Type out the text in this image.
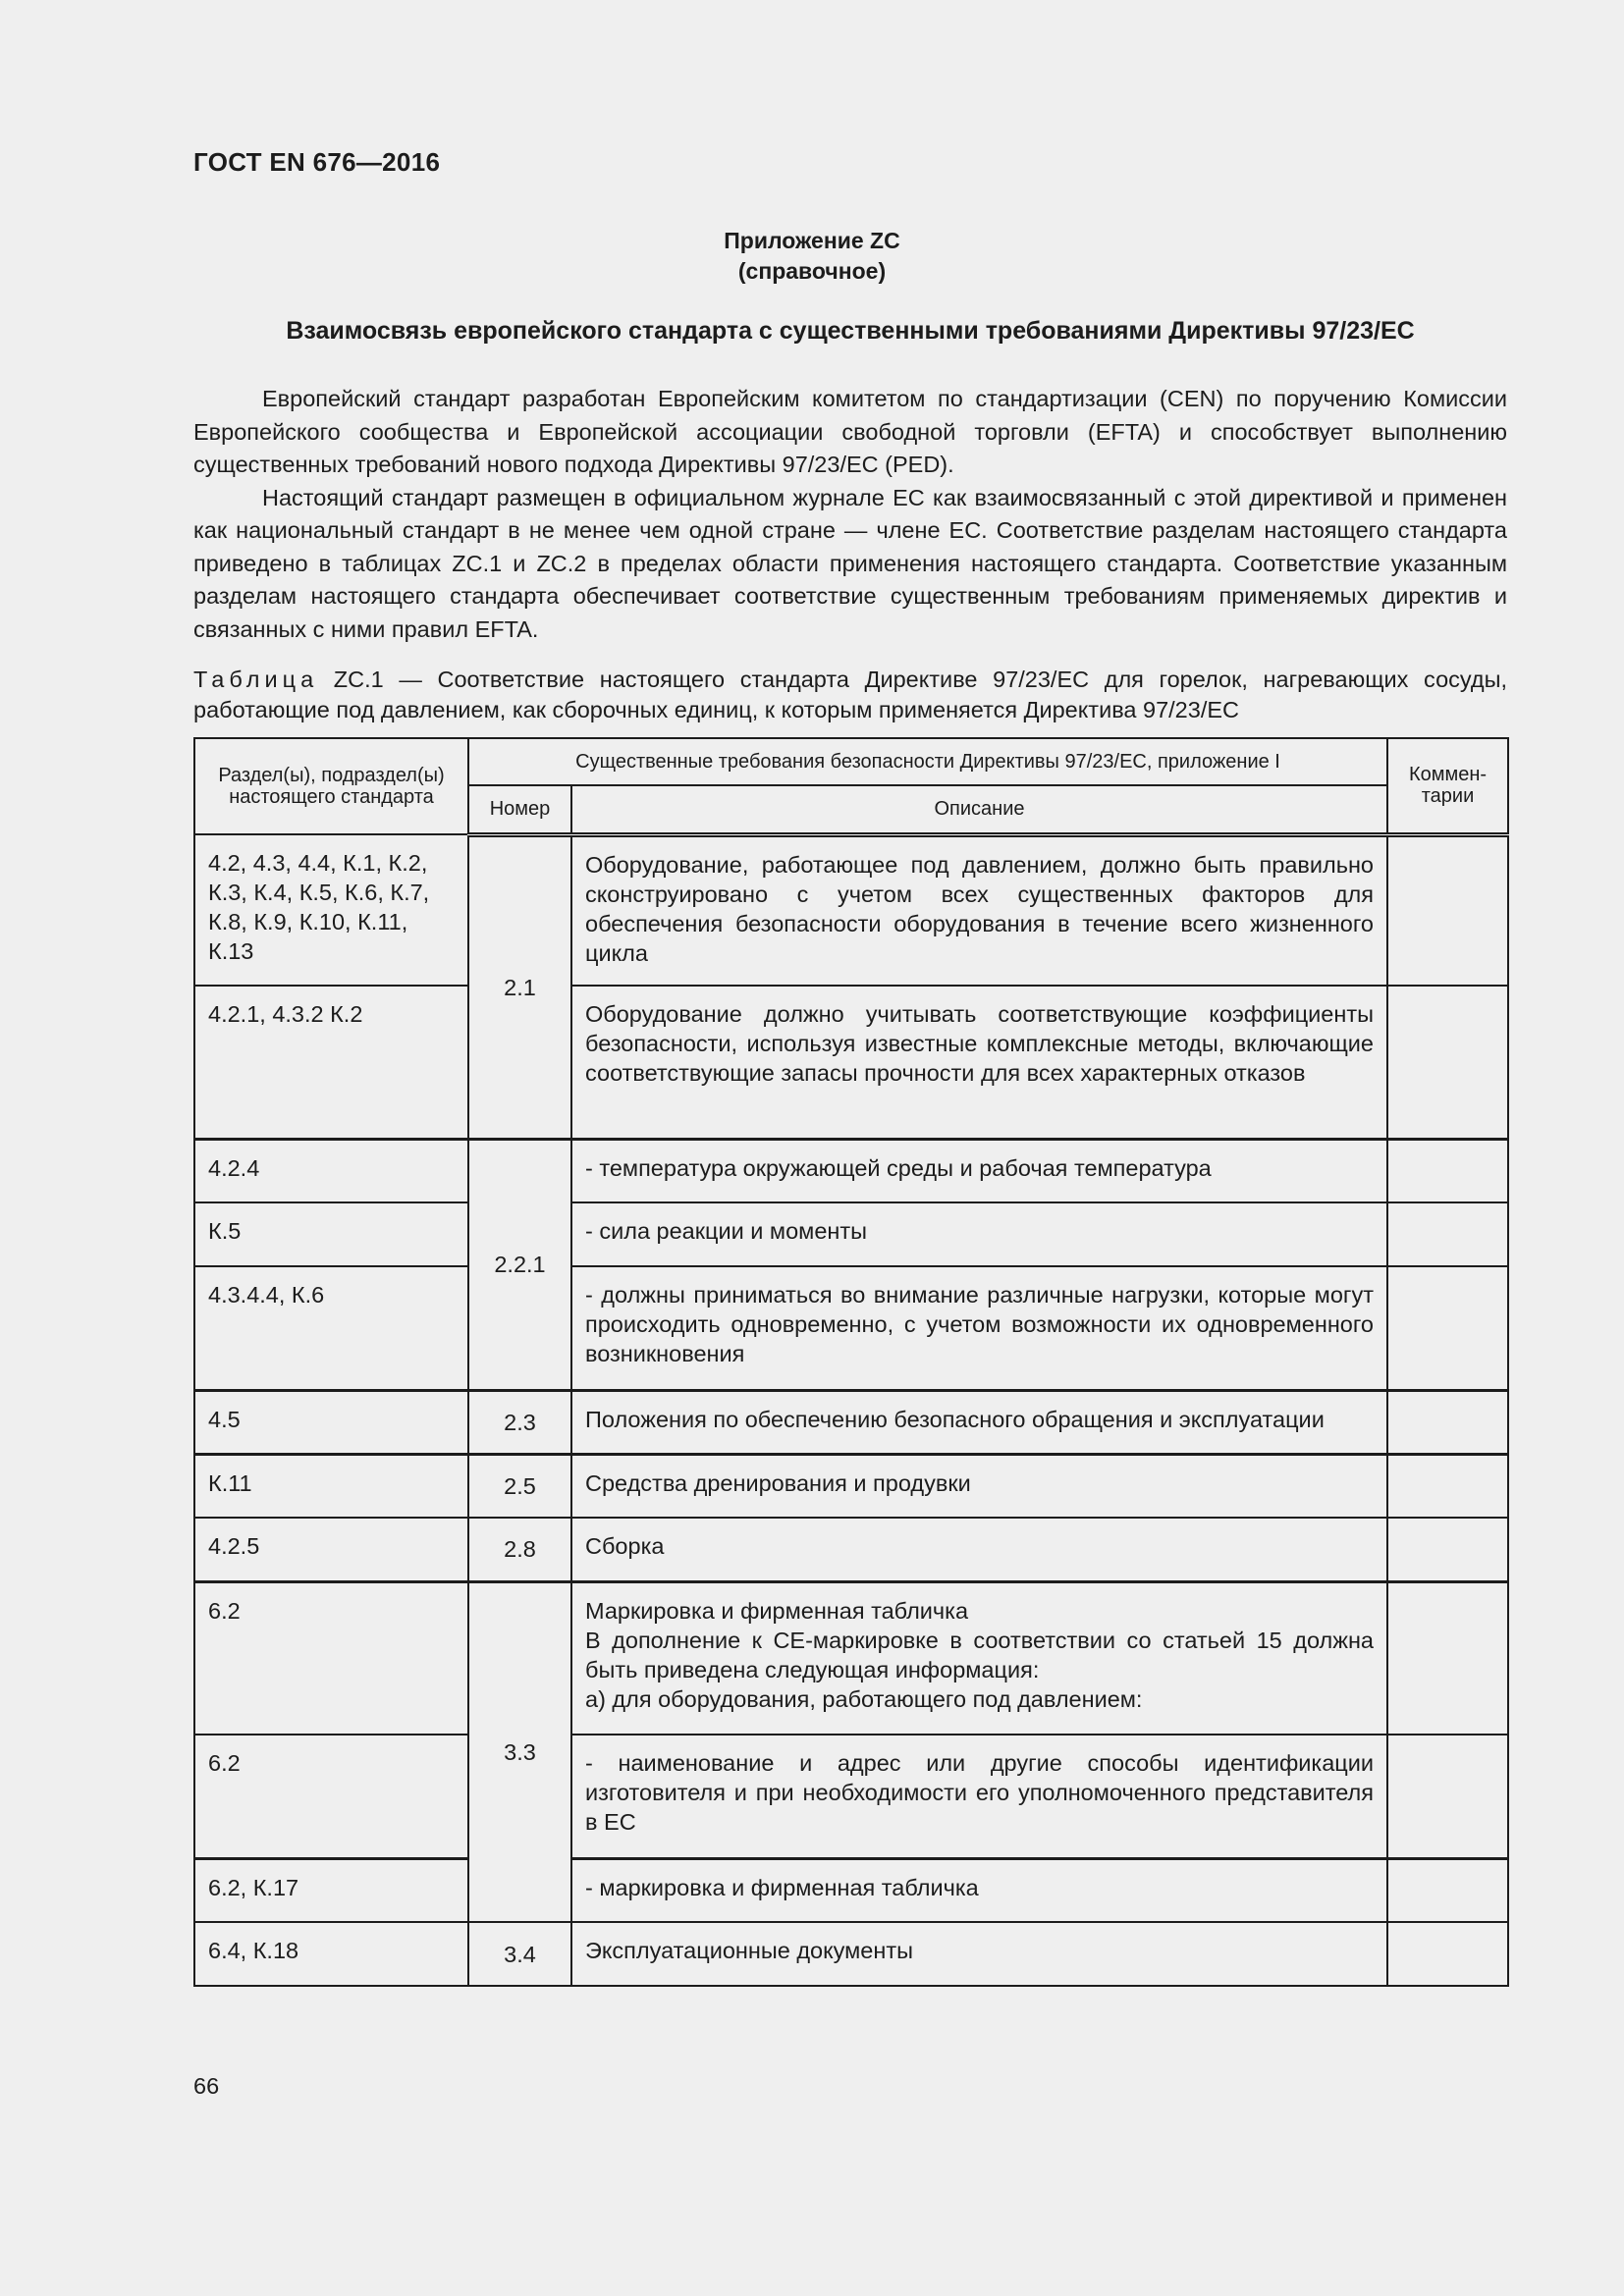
ГОСТ EN 676—2016
Приложение ZC
(справочное)
Взаимосвязь европейского стандарта с существенными требованиями Директивы 97/23/ЕС

Европейский стандарт разработан Европейским комитетом по стандартизации (CEN) по поручению Комиссии Европейского сообщества и Европейской ассоциации свободной торговли (EFTA) и способствует выполнению существенных требований нового подхода Директивы 97/23/ЕС (PED).

Настоящий стандарт размещен в официальном журнале ЕС как взаимосвязанный с этой директивой и применен как национальный стандарт в не менее чем одной стране — члене ЕС. Соответствие разделам настоящего стандарта приведено в таблицах ZC.1 и ZC.2 в пределах области применения настоящего стандарта. Соответствие указанным разделам настоящего стандарта обеспечивает соответствие существенным требованиям применяемых директив и связанных с ними правил EFTA.

Таблица ZC.1 — Соответствие настоящего стандарта Директиве 97/23/ЕС для горелок, нагревающих сосуды, работающие под давлением, как сборочных единиц, к которым применяется Директива 97/23/ЕС
Раздел(ы), подраздел(ы) настоящего стандарта	Существенные требования безопасности Директивы 97/23/ЕС, приложение I		Коммен-тарии
	Номер	Описание	
4.2, 4.3, 4.4, К.1, К.2, К.3, К.4, К.5, К.6, К.7, К.8, К.9, К.10, К.11, К.13	2.1	Оборудование, работающее под давлением, должно быть правильно сконструировано с учетом всех существенных факторов для обеспечения безопасности оборудования в течение всего жизненного цикла	
4.2.1, 4.3.2 К.2		Оборудование должно учитывать соответствующие коэффициенты безопасности, используя известные комплексные методы, включающие соответствующие запасы прочности для всех характерных отказов	
4.2.4	2.2.1	- температура окружающей среды и рабочая температура	
К.5		- сила реакции и моменты	
4.3.4.4, К.6		- должны приниматься во внимание различные нагрузки, которые могут происходить одновременно, с учетом возможности их одновременного возникновения	
4.5	2.3	Положения по обеспечению безопасного обращения и эксплуатации	
К.11	2.5	Средства дренирования и продувки	
4.2.5	2.8	Сборка	
6.2	3.3	Маркировка и фирменная табличка
В дополнение к СЕ-маркировке в соответствии со статьей 15 должна быть приведена следующая информация:
а) для оборудования, работающего под давлением:	

6.2		- наименование и адрес или другие способы идентификации изготовителя и при необходимости его уполномоченного представителя в ЕС	
6.2, К.17		- маркировка и фирменная табличка	
6.4, К.18	3.4	Эксплуатационные документы	
66
